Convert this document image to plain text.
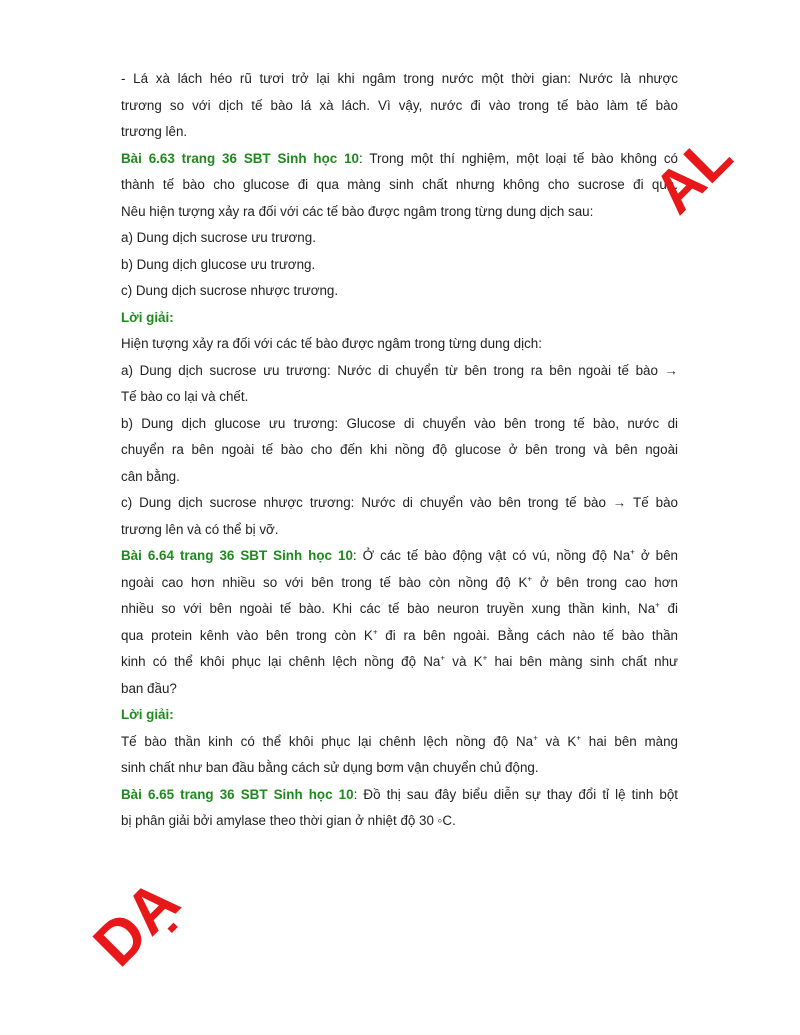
- Lá xà lách héo rũ tươi trở lại khi ngâm trong nước một thời gian: Nước là nhược
trương so với dịch tế bào lá xà lách. Vì vậy, nước đi vào trong tế bào làm tế bào
trương lên.
Bài 6.63 trang 36 SBT Sinh học 10: Trong một thí nghiệm, một loại tế bào không có
thành tế bào cho glucose đi qua màng sinh chất nhưng không cho sucrose đi qua.
Nêu hiện tượng xảy ra đối với các tế bào được ngâm trong từng dung dịch sau:
a) Dung dịch sucrose ưu trương.
b) Dung dịch glucose ưu trương.
c) Dung dịch sucrose nhược trương.
Lời giải:
Hiện tượng xảy ra đối với các tế bào được ngâm trong từng dung dịch:
a) Dung dịch sucrose ưu trương: Nước di chuyển từ bên trong ra bên ngoài tế bào →
Tế bào co lại và chết.
b) Dung dịch glucose ưu trương: Glucose di chuyển vào bên trong tế bào, nước di
chuyển ra bên ngoài tế bào cho đến khi nồng độ glucose ở bên trong và bên ngoài
cân bằng.
c) Dung dịch sucrose nhược trương: Nước di chuyển vào bên trong tế bào → Tế bào
trương lên và có thể bị vỡ.
Bài 6.64 trang 36 SBT Sinh học 10: Ở các tế bào động vật có vú, nồng độ Na+ ở bên
ngoài cao hơn nhiều so với bên trong tế bào còn nồng độ K+ ở bên trong cao hơn
nhiều so với bên ngoài tế bào. Khi các tế bào neuron truyền xung thần kinh, Na+ đi
qua protein kênh vào bên trong còn K+ đi ra bên ngoài. Bằng cách nào tế bào thần
kinh có thể khôi phục lại chênh lệch nồng độ Na+ và K+ hai bên màng sinh chất như
ban đầu?
Lời giải:
Tế bào thần kinh có thể khôi phục lại chênh lệch nồng độ Na+ và K+ hai bên màng
sinh chất như ban đầu bằng cách sử dụng bơm vận chuyển chủ động.
Bài 6.65 trang 36 SBT Sinh học 10: Đồ thị sau đây biểu diễn sự thay đổi tỉ lệ tinh bột
bị phân giải bởi amylase theo thời gian ở nhiệt độ 30 ◦C.
AL
DẠ
